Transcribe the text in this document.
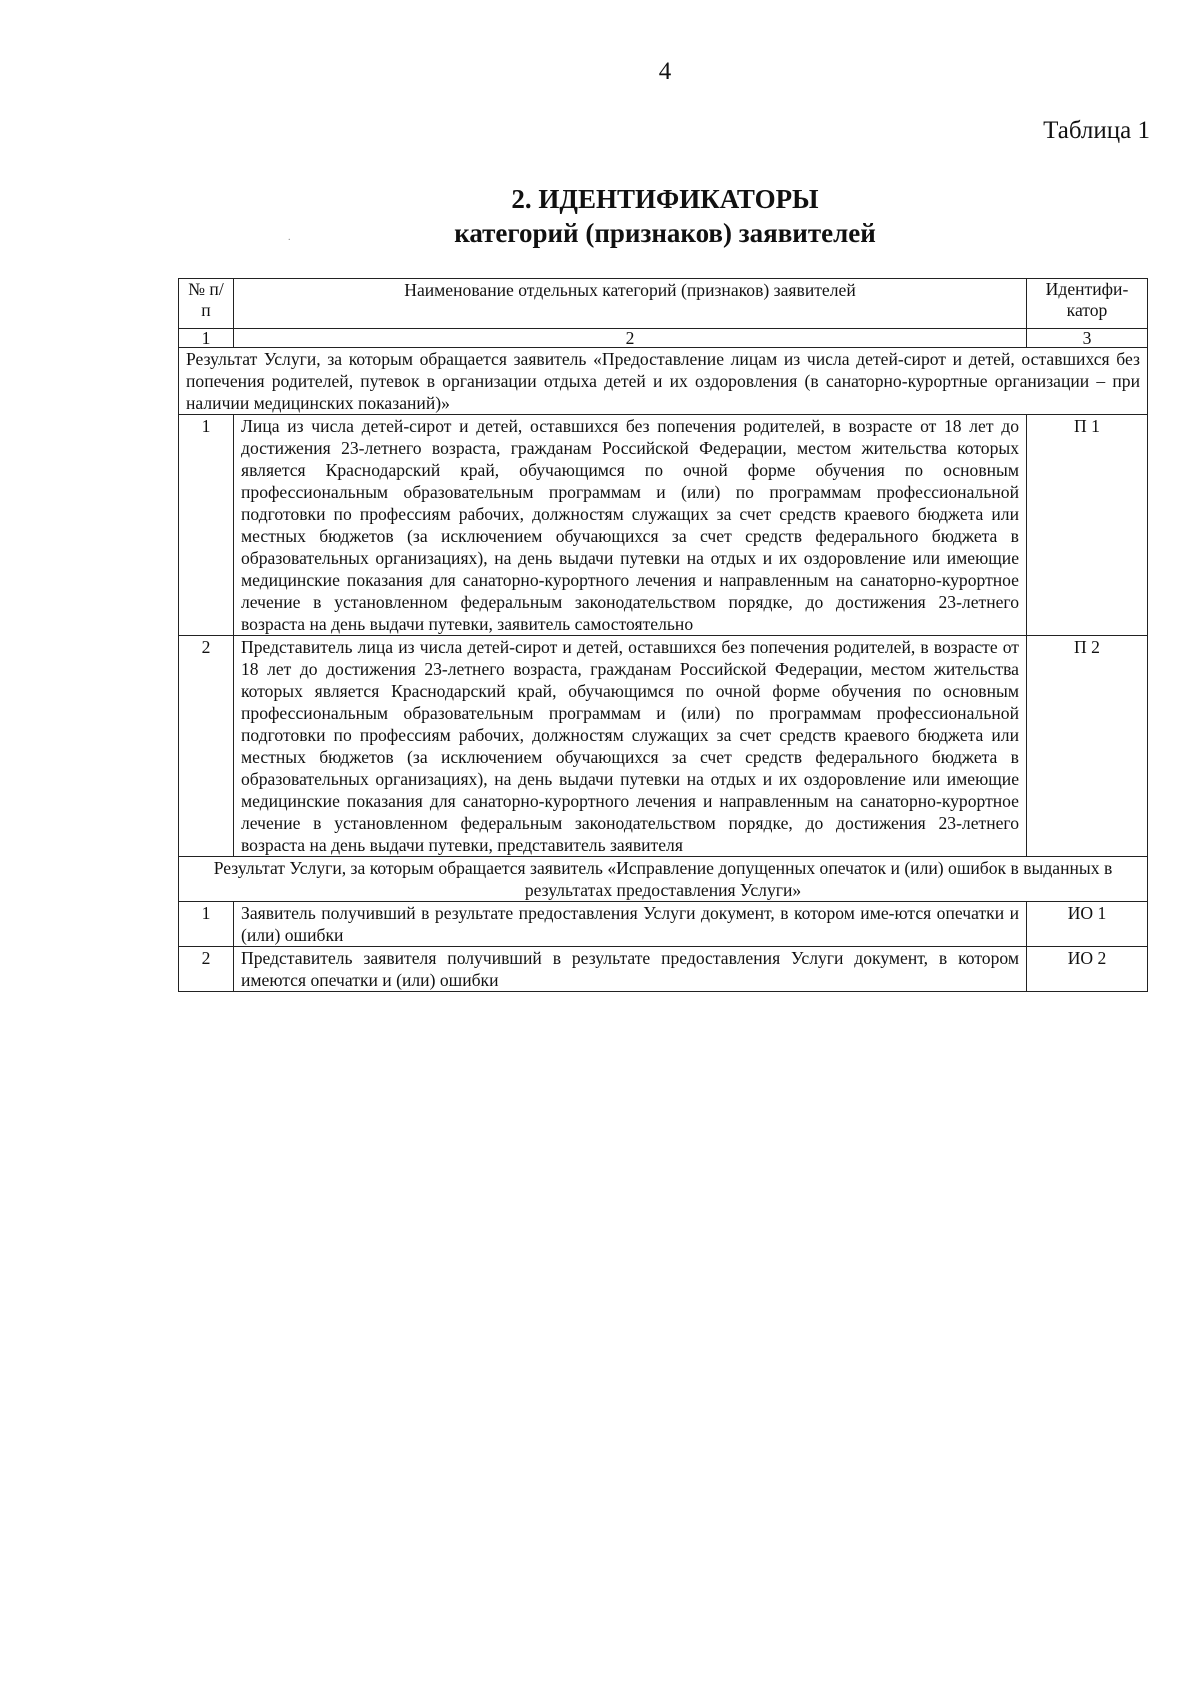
4
Таблица 1
2. ИДЕНТИФИКАТОРЫ
категорий (признаков) заявителей
.
№ п/п	Наименование отдельных категорий (признаков) заявителей	Идентифи-катор
1	2	3
Результат Услуги, за которым обращается заявитель «Предоставление лицам из числа детей-сирот и детей, оставшихся без попечения родителей, путевок в организации отдыха детей и их оздоровления (в санаторно-курортные организации – при наличии медицинских показаний)»		
1	Лица из числа детей-сирот и детей, оставшихся без попечения родителей, в возрасте от 18 лет до достижения 23-летнего возраста, гражданам Российской Федерации, местом жительства которых является Краснодарский край, обучающимся по очной форме обучения по основным профессиональным образовательным программам и (или) по программам профессиональной подготовки по профессиям рабочих, должностям служащих за счет средств краевого бюджета или местных бюджетов (за исключением обучающихся за счет средств федерального бюджета в образовательных организациях), на день выдачи путевки на отдых и их оздоровление или имеющие медицинские показания для санаторно-курортного лечения и направленным на санаторно-курортное лечение в установленном федеральным законодательством порядке, до достижения 23-летнего возраста на день выдачи путевки, заявитель самостоятельно	П 1
2	Представитель лица из числа детей-сирот и детей, оставшихся без попечения родителей, в возрасте от 18 лет до достижения 23-летнего возраста, гражданам Российской Федерации, местом жительства которых является Краснодарский край, обучающимся по очной форме обучения по основным профессиональным образовательным программам и (или) по программам профессиональной подготовки по профессиям рабочих, должностям служащих за счет средств краевого бюджета или местных бюджетов (за исключением обучающихся за счет средств федерального бюджета в образовательных организациях), на день выдачи путевки на отдых и их оздоровление или имеющие медицинские показания для санаторно-курортного лечения и направленным на санаторно-курортное лечение в установленном федеральным законодательством порядке, до достижения 23-летнего возраста на день выдачи путевки, представитель заявителя	П 2
Результат Услуги, за которым обращается заявитель «Исправление допущенных опечаток и (или) ошибок в выданных в результатах предоставления Услуги»		
1	Заявитель получивший в результате предоставления Услуги документ, в котором име-ются опечатки и (или) ошибки	ИО 1
2	Представитель заявителя получивший в результате предоставления Услуги документ, в котором имеются опечатки и (или) ошибки	ИО 2
